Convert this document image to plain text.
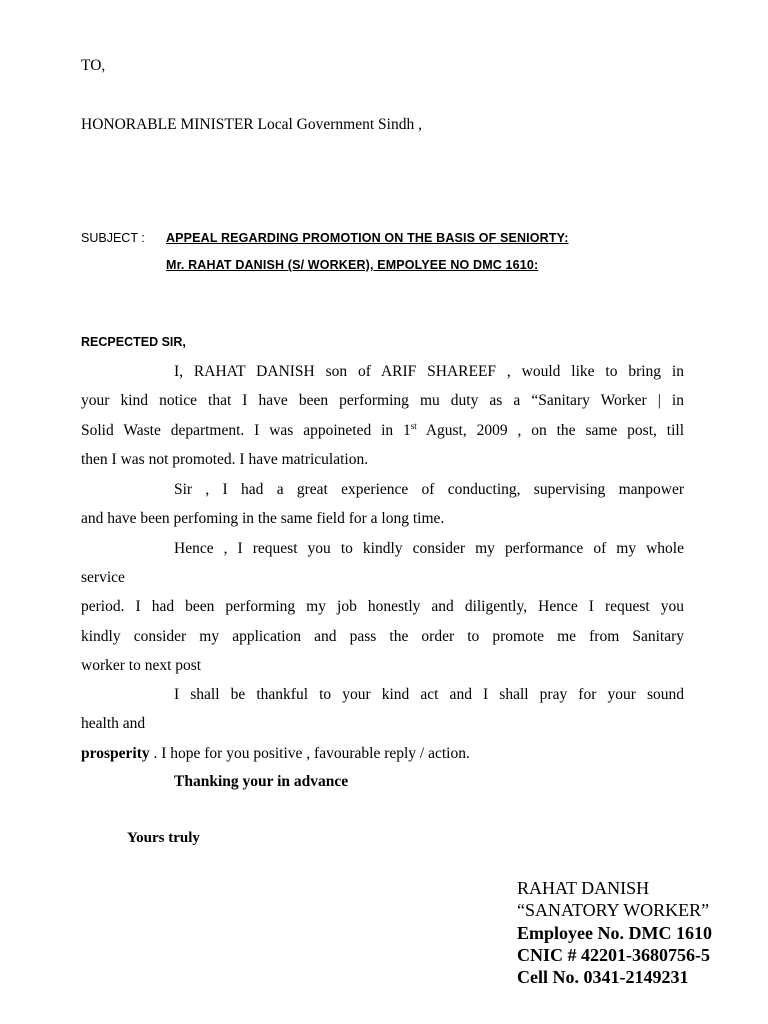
TO,
HONORABLE MINISTER Local Government Sindh ,
SUBJECT : APPEAL REGARDING PROMOTION ON THE BASIS OF SENIORTY:
Mr. RAHAT DANISH (S/ WORKER), EMPOLYEE NO DMC 1610:
RECPECTED SIR,
I, RAHAT DANISH son of ARIF SHAREEF , would like to bring in
your kind notice that I have been performing mu duty as a “Sanitary Worker | in
Solid Waste department. I was appoineted in 1st Agust, 2009 , on the same post, till
then I was not promoted. I have matriculation.
Sir , I had a great experience of conducting, supervising manpower
and have been perfoming in the same field for a long time.
Hence , I request you to kindly consider my performance of my whole
service
period. I had been performing my job honestly and diligently, Hence I request you
kindly consider my application and pass the order to promote me from Sanitary
worker to next post
I shall be thankful to your kind act and I shall pray for your sound
health and
prosperity . I hope for you positive , favourable reply / action.
Thanking your in advance
Yours truly
RAHAT DANISH
“SANATORY WORKER”
Employee No. DMC 1610
CNIC # 42201-3680756-5
Cell No. 0341-2149231
